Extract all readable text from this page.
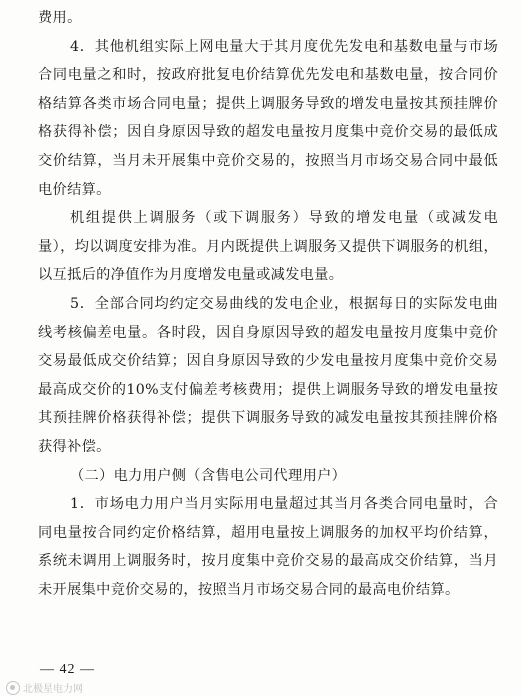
费用。

4．其他机组实际上网电量大于其月度优先发电和基数电量与市场合同电量之和时，按政府批复电价结算优先发电和基数电量，按合同价格结算各类市场合同电量；提供上调服务导致的增发电量按其预挂牌价格获得补偿；因自身原因导致的超发电量按月度集中竞价交易的最低成交价结算，当月未开展集中竞价交易的，按照当月市场交易合同中最低电价结算。

机组提供上调服务（或下调服务）导致的增发电量（或减发电量），均以调度安排为准。月内既提供上调服务又提供下调服务的机组，以互抵后的净值作为月度增发电量或减发电量。

5．全部合同均约定交易曲线的发电企业，根据每日的实际发电曲线考核偏差电量。各时段，因自身原因导致的超发电量按月度集中竞价交易最低成交价结算；因自身原因导致的少发电量按月度集中竞价交易最高成交价的10%支付偏差考核费用；提供上调服务导致的增发电量按其预挂牌价格获得补偿；提供下调服务导致的减发电量按其预挂牌价格获得补偿。

（二）电力用户侧（含售电公司代理用户）

1．市场电力用户当月实际用电量超过其当月各类合同电量时，合同电量按合同约定价格结算，超用电量按上调服务的加权平均价结算，系统未调用上调服务时，按月度集中竞价交易的最高成交价结算，当月未开展集中竞价交易的，按照当月市场交易合同的最高电价结算。

— 42 —
北极星电力网
